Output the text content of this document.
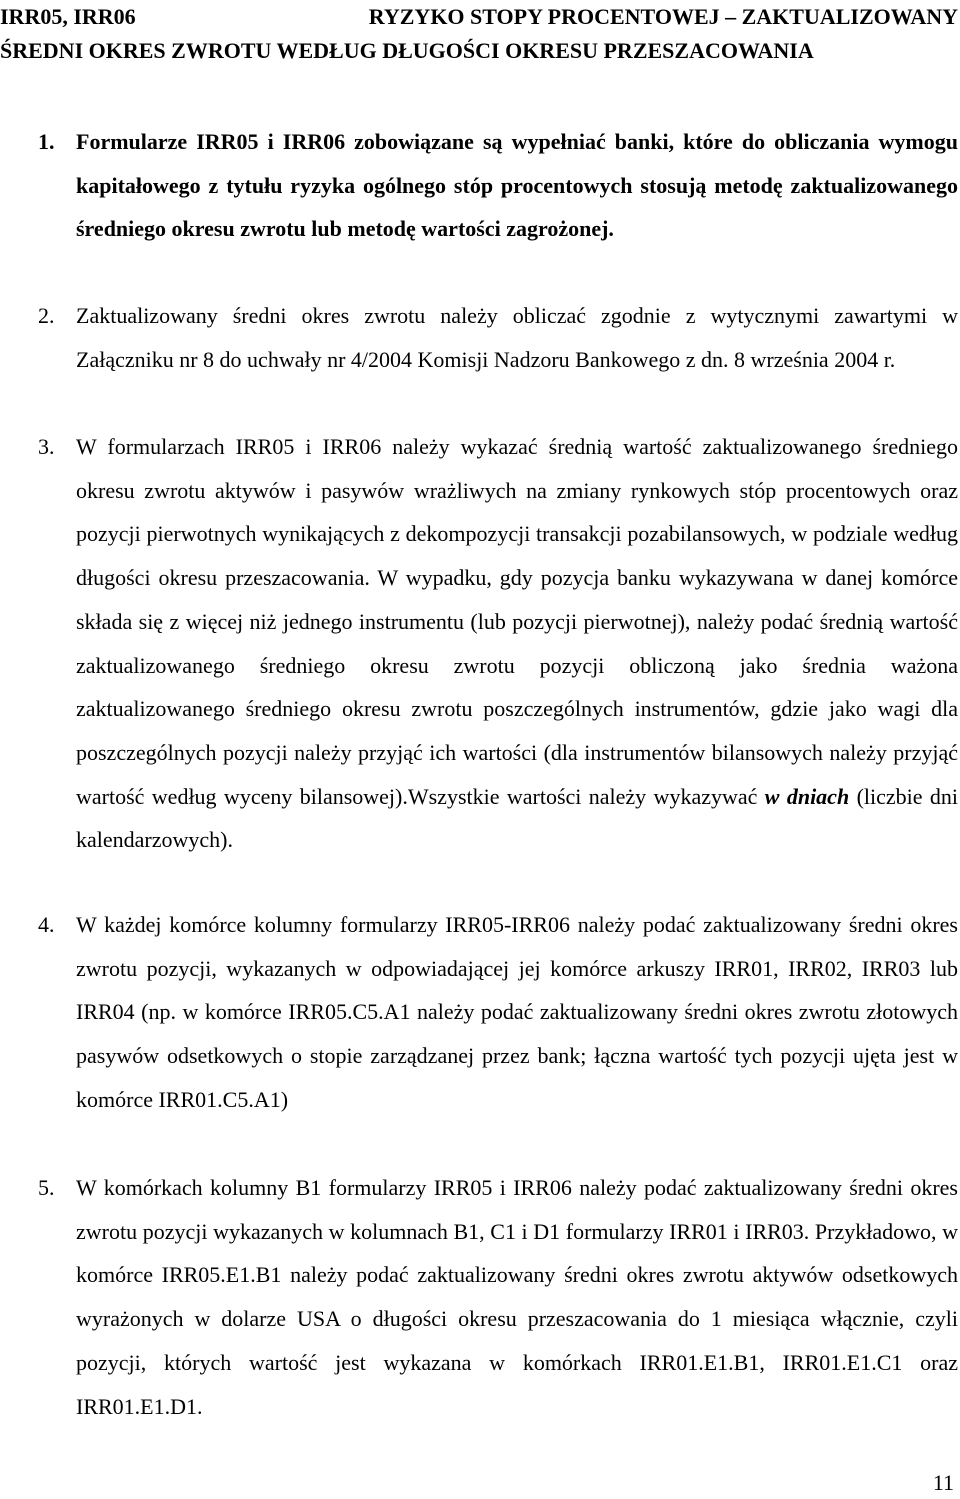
IRR05, IRR06	RYZYKO STOPY PROCENTOWEJ – ZAKTUALIZOWANY
ŚREDNI OKRES ZWROTU WEDŁUG DŁUGOŚCI OKRESU PRZESZACOWANIA
1. Formularze IRR05 i IRR06 zobowiązane są wypełniać banki, które do obliczania wymogu kapitałowego z tytułu ryzyka ogólnego stóp procentowych stosują metodę zaktualizowanego średniego okresu zwrotu lub metodę wartości zagrożonej.
2. Zaktualizowany średni okres zwrotu należy obliczać zgodnie z wytycznymi zawartymi w Załączniku nr 8 do uchwały nr 4/2004 Komisji Nadzoru Bankowego z dn. 8 września 2004 r.
3. W formularzach IRR05 i IRR06 należy wykazać średnią wartość zaktualizowanego średniego okresu zwrotu aktywów i pasywów wrażliwych na zmiany rynkowych stóp procentowych oraz pozycji pierwotnych wynikających z dekompozycji transakcji pozabilansowych, w podziale według długości okresu przeszacowania. W wypadku, gdy pozycja banku wykazywana w danej komórce składa się z więcej niż jednego instrumentu (lub pozycji pierwotnej), należy podać średnią wartość zaktualizowanego średniego okresu zwrotu pozycji obliczoną jako średnia ważona zaktualizowanego średniego okresu zwrotu poszczególnych instrumentów, gdzie jako wagi dla poszczególnych pozycji należy przyjąć ich wartości (dla instrumentów bilansowych należy przyjąć wartość według wyceny bilansowej).Wszystkie wartości należy wykazywać w dniach (liczbie dni kalendarzowych).
4. W każdej komórce kolumny formularzy IRR05-IRR06 należy podać zaktualizowany średni okres zwrotu pozycji, wykazanych w odpowiadającej jej komórce arkuszy IRR01, IRR02, IRR03 lub IRR04 (np. w komórce IRR05.C5.A1 należy podać zaktualizowany średni okres zwrotu złotowych pasywów odsetkowych o stopie zarządzanej przez bank; łączna wartość tych pozycji ujęta jest w komórce IRR01.C5.A1)
5. W komórkach kolumny B1 formularzy IRR05 i IRR06 należy podać zaktualizowany średni okres zwrotu pozycji wykazanych w kolumnach B1, C1 i D1 formularzy IRR01 i IRR03. Przykładowo, w komórce IRR05.E1.B1 należy podać zaktualizowany średni okres zwrotu aktywów odsetkowych wyrażonych w dolarze USA o długości okresu przeszacowania do 1 miesiąca włącznie, czyli pozycji, których wartość jest wykazana w komórkach IRR01.E1.B1, IRR01.E1.C1 oraz IRR01.E1.D1.
11
